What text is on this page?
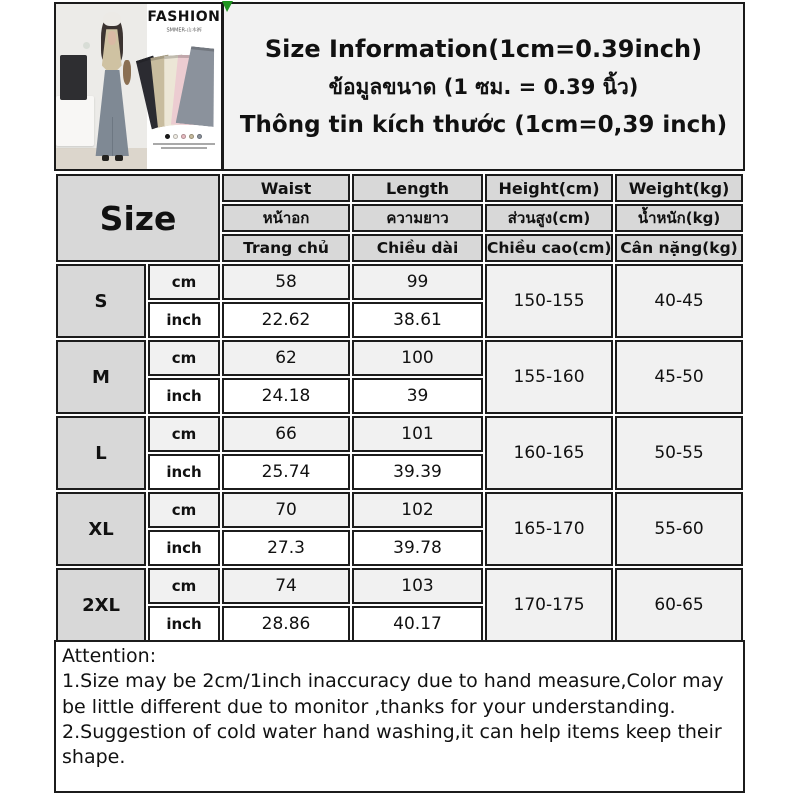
FASHION
SMMER-山本裤
Size Information(1cm=0.39inch)
ข้อมูลขนาด (1 ซม. = 0.39 นิ้ว)
Thông tin kích thước (1cm=0,39 inch)
Size		Waist	Length	Height(cm)	Weight(kg)
		หน้าอก	ความยาว	ส่วนสูง(cm)	น้ำหนัก(kg)
		Trang chủ	Chiều dài	Chiều cao(cm)	Cân nặng(kg)
S	cm	58	99	150-155	40-45
	inch	22.62	38.61		
M	cm	62	100	155-160	45-50
	inch	24.18	39		
L	cm	66	101	160-165	50-55
	inch	25.74	39.39		
XL	cm	70	102	165-170	55-60
	inch	27.3	39.78		
2XL	cm	74	103	170-175	60-65
	inch	28.86	40.17		
Attention:
1.Size may be 2cm/1inch inaccuracy due to hand measure,Color may be little different due to monitor ,thanks for your understanding.
2.Suggestion of cold water hand washing,it can help items keep their shape.
